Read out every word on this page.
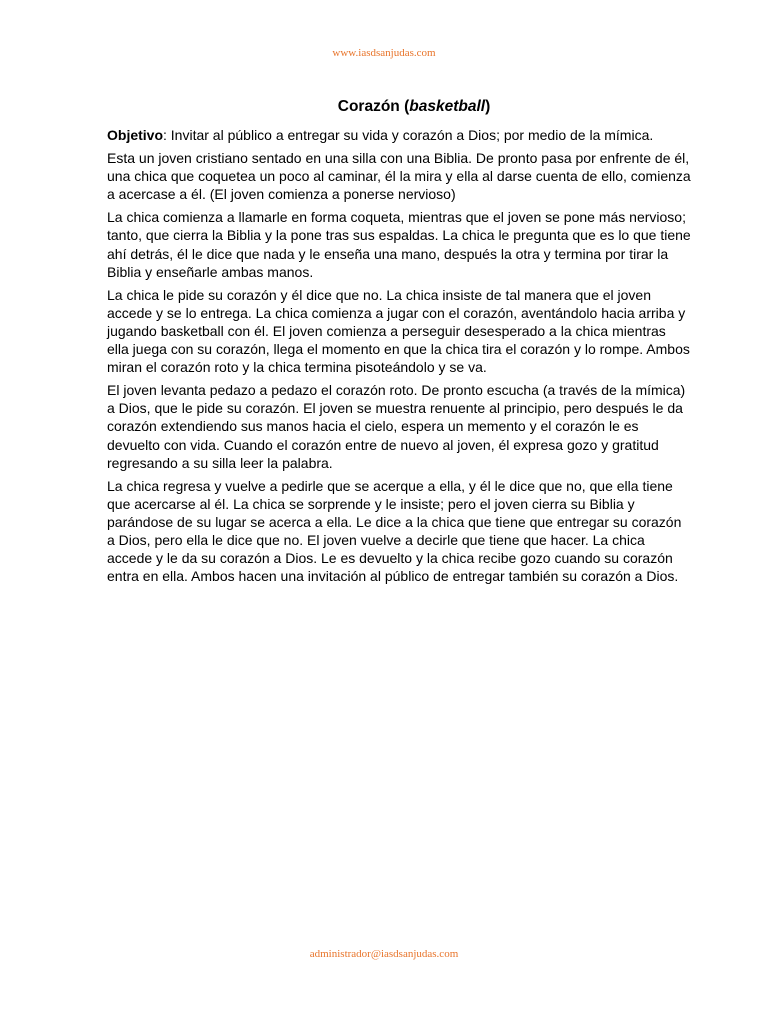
www.iasdsanjudas.com
Corazón (basketball)

Objetivo: Invitar al público a entregar su vida y corazón a Dios; por medio de la mímica.

Esta un joven cristiano sentado en una silla con una Biblia. De pronto pasa por enfrente de él, una chica que coquetea un poco al caminar, él la mira y ella al darse cuenta de ello, comienza a acercase a él. (El joven comienza a ponerse nervioso)

La chica comienza a llamarle en forma coqueta, mientras que el joven se pone más nervioso; tanto, que cierra la Biblia y la pone tras sus espaldas. La chica le pregunta que es lo que tiene ahí detrás, él le dice que nada y le enseña una mano, después la otra y termina por tirar la Biblia y enseñarle ambas manos.

La chica le pide su corazón y él dice que no. La chica insiste de tal manera que el joven accede y se lo entrega. La chica comienza a jugar con el corazón, aventándolo hacia arriba y jugando basketball con él. El joven comienza a perseguir desesperado a la chica mientras ella juega con su corazón, llega el momento en que la chica tira el corazón y lo rompe. Ambos miran el corazón roto y la chica termina pisoteándolo y se va.

El joven levanta pedazo a pedazo el corazón roto. De pronto escucha (a través de la mímica) a Dios, que le pide su corazón. El joven se muestra renuente al principio, pero después le da corazón extendiendo sus manos hacia el cielo, espera un memento y el corazón le es devuelto con vida. Cuando el corazón entre de nuevo al joven, él expresa gozo y gratitud regresando a su silla leer la palabra.

La chica regresa y vuelve a pedirle que se acerque a ella, y él le dice que no, que ella tiene que acercarse al él. La chica se sorprende y le insiste; pero el joven cierra su Biblia y parándose de su lugar se acerca a ella. Le dice a la chica que tiene que entregar su corazón a Dios, pero ella le dice que no. El joven vuelve a decirle que tiene que hacer. La chica accede y le da su corazón a Dios. Le es devuelto y la chica recibe gozo cuando su corazón entra en ella. Ambos hacen una invitación al público de entregar también su corazón a Dios.

administrador@iasdsanjudas.com
